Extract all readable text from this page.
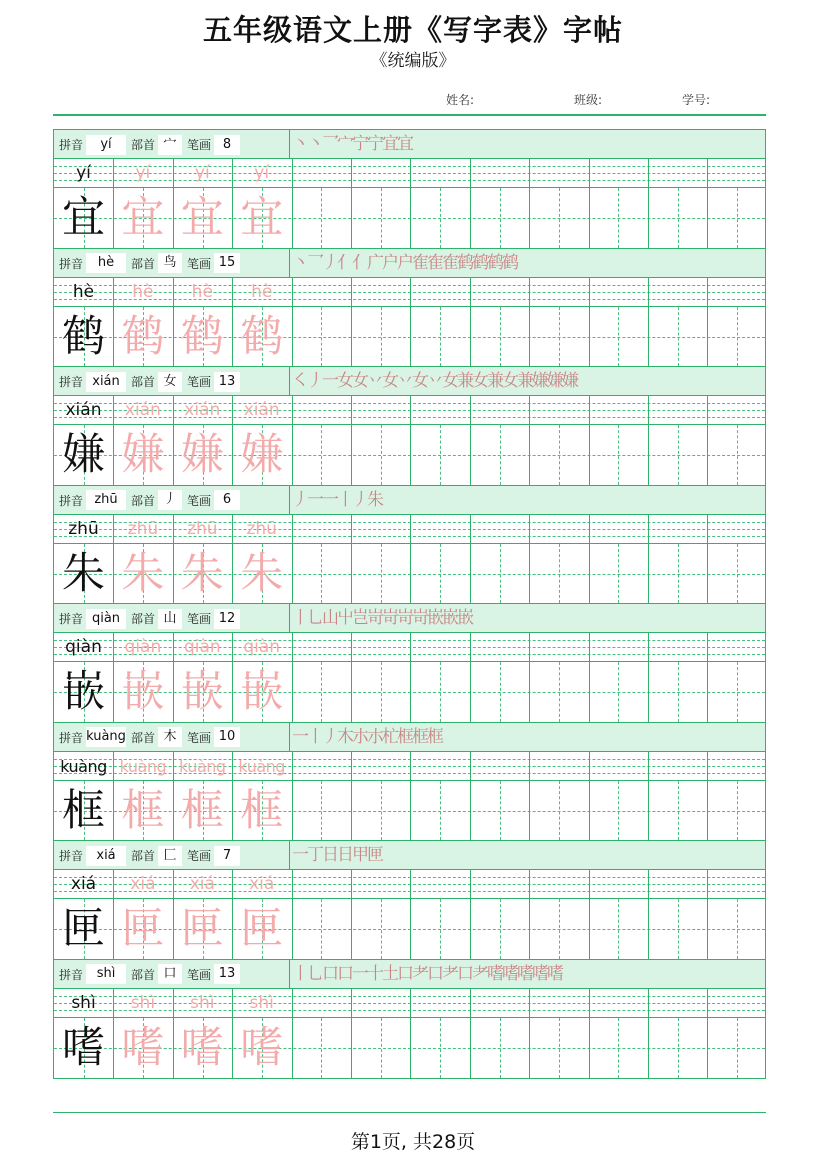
五年级语文上册《写字表》字帖
《统编版》
姓名:	班级:	学号:
拼音	yí	部首 宀 笔画 8	丶丶乛宀宁宁宜宜
yí
宜
yí
宜
yí
宜
yí
宜
拼音	hè	部首 鸟 笔画 15	丶乛丿亻亻广户户隺隺隺鹤鹤鹤鹤
hè
鹤
hè
鹤
hè
鹤
hè
鹤
拼音 xián 部首 女 笔画 13	㇛丿一女女丷女丷女丷女兼女兼女兼嫌嫌嫌
xián
嫌
xián
嫌
xián
嫌
xián
嫌
拼音 zhū	部首 丿 笔画 6	丿一一丨丿朱
zhū
朱
zhū
朱
zhū
朱
zhū
朱
拼音 qiàn 部首 山 笔画 12	丨乚山屮岂岢岢岢岢嵌嵌嵌
qiàn
嵌
qiàn
嵌
qiàn
嵌
qiàn
嵌
拼音 kuàng 部首 木 笔画 10	一丨丿木朩朩杧框框框
kuàng
框
kuàng
框
kuàng
框
kuàng
框
拼音	xiá	部首 匚 笔画 7	一丁日日甲匣
xiá
匣
xiá
匣
xiá
匣
xiá
匣
拼音	shì	部首 口 笔画 13	丨乚口口一十土口耂口耂口耂嗜嗜嗜嗜嗜
shì
嗜
shì
嗜
shì
嗜
shì
嗜
第1页, 共28页
